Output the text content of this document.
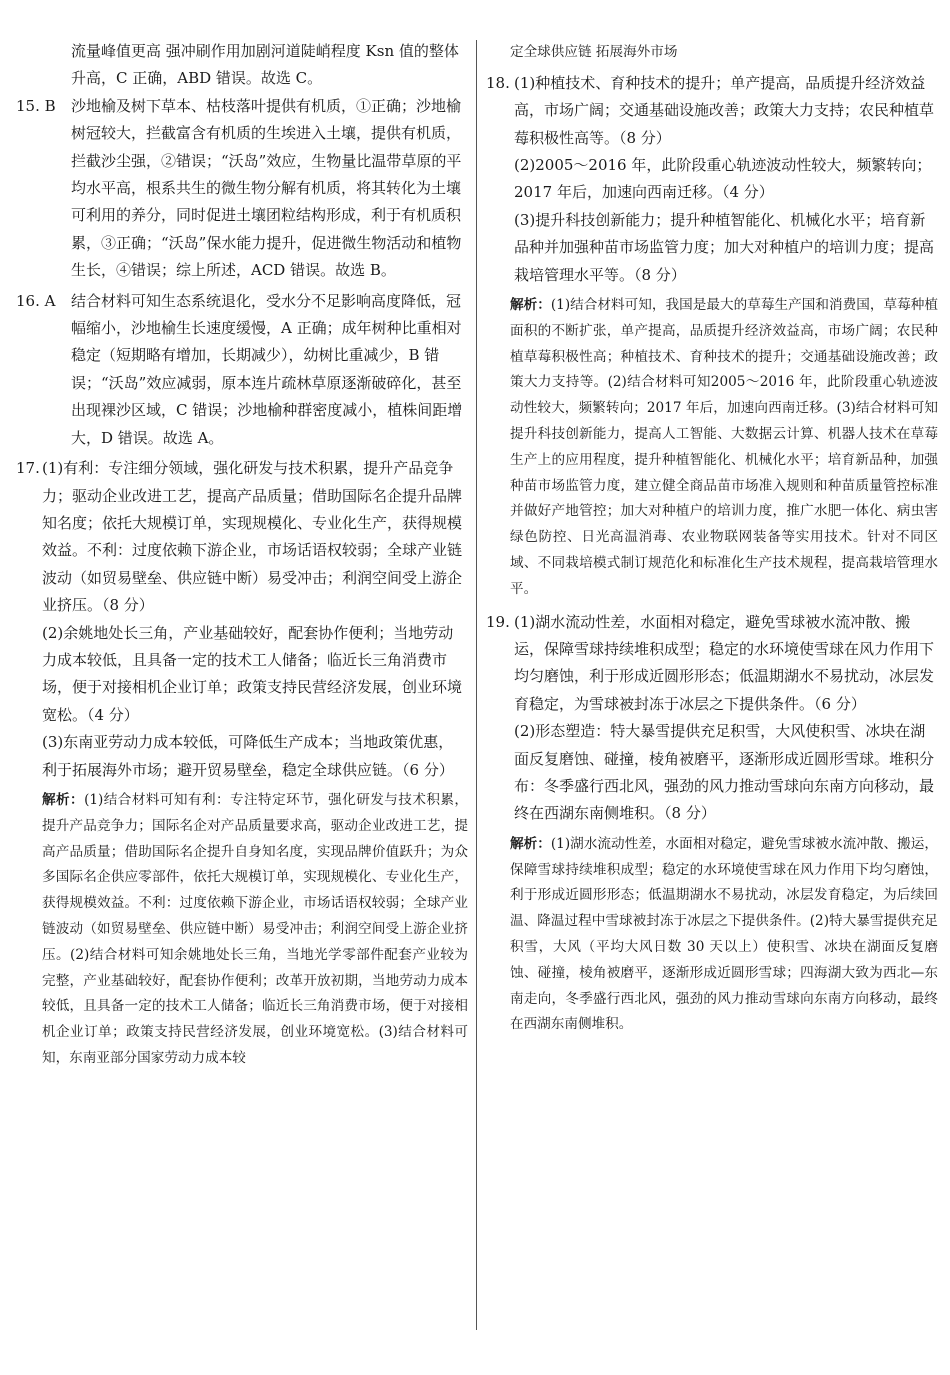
流量峰值更高 强冲刷作用加剧河道陡峭程度 Ksn 值的整体升高，C 正确，ABD 错误。故选 C。

15. B	沙地榆及树下草本、枯枝落叶提供有机质，①正确；沙地榆树冠较大，拦截富含有机质的生埃进入土壤，提供有机质，拦截沙尘强，②错误；“沃岛”效应，生物量比温带草原的平均水平高，根系共生的微生物分解有机质，将其转化为土壤可利用的养分，同时促进土壤团粒结构形成，利于有机质积累，③正确；“沃岛”保水能力提升，促进微生物活动和植物生长，④错误；综上所述，ACD 错误。故选 B。

16. A	结合材料可知生态系统退化，受水分不足影响高度降低，冠幅缩小，沙地榆生长速度缓慢，A 正确；成年树种比重相对稳定（短期略有增加，长期减少），幼树比重减少，B 错误；“沃岛”效应减弱，原本连片疏林草原逐渐破碎化，甚至出现裸沙区域，C 错误；沙地榆种群密度减小，植株间距增大，D 错误。故选 A。

17. (1)有利：专注细分领域，强化研发与技术积累，提升产品竞争力；驱动企业改进工艺，提高产品质量；借助国际名企提升品牌知名度；依托大规模订单，实现规模化、专业化生产，获得规模效益。不利：过度依赖下游企业，市场话语权较弱；全球产业链波动（如贸易壁垒、供应链中断）易受冲击；利润空间受上游企业挤压。（8 分）

(2)余姚地处长三角，产业基础较好，配套协作便利；当地劳动力成本较低，且具备一定的技术工人储备；临近长三角消费市场，便于对接相机企业订单；政策支持民营经济发展，创业环境宽松。（4 分）

(3)东南亚劳动力成本较低，可降低生产成本；当地政策优惠，利于拓展海外市场；避开贸易壁垒，稳定全球供应链。（6 分）

解析：(1)结合材料可知有利：专注特定环节，强化研发与技术积累，提升产品竞争力；国际名企对产品质量要求高，驱动企业改进工艺，提高产品质量；借助国际名企提升自身知名度，实现品牌价值跃升；为众多国际名企供应零部件，依托大规模订单，实现规模化、专业化生产，获得规模效益。不利：过度依赖下游企业，市场话语权较弱；全球产业链波动（如贸易壁垒、供应链中断）易受冲击；利润空间受上游企业挤压。(2)结合材料可知余姚地处长三角，当地光学零部件配套产业较为完整，产业基础较好，配套协作便利；改革开放初期，当地劳动力成本较低，且具备一定的技术工人储备；临近长三角消费市场，便于对接相机企业订单；政策支持民营经济发展，创业环境宽松。(3)结合材料可知，东南亚部分国家劳动力成本较

定全球供应链 拓展海外市场

18. (1)种植技术、育种技术的提升；单产提高，品质提升经济效益高，市场广阔；交通基础设施改善；政策大力支持；农民种植草莓积极性高等。（8 分）

(2)2005～2016 年，此阶段重心轨迹波动性较大，频繁转向；2017 年后，加速向西南迁移。（4 分）

(3)提升科技创新能力；提升种植智能化、机械化水平；培育新品种并加强种苗市场监管力度；加大对种植户的培训力度；提高栽培管理水平等。（8 分）

解析：(1)结合材料可知，我国是最大的草莓生产国和消费国，草莓种植面积的不断扩张，单产提高，品质提升经济效益高，市场广阔；农民种植草莓积极性高；种植技术、育种技术的提升；交通基础设施改善；政策大力支持等。(2)结合材料可知2005～2016 年，此阶段重心轨迹波动性较大，频繁转向；2017 年后，加速向西南迁移。(3)结合材料可知提升科技创新能力，提高人工智能、大数据云计算、机器人技术在草莓生产上的应用程度，提升种植智能化、机械化水平；培育新品种，加强种苗市场监管力度，建立健全商品苗市场准入规则和种苗质量管控标准并做好产地管控；加大对种植户的培训力度，推广水肥一体化、病虫害绿色防控、日光高温消毒、农业物联网装备等实用技术。针对不同区域、不同栽培模式制订规范化和标准化生产技术规程，提高栽培管理水平。
19. (1)湖水流动性差，水面相对稳定，避免雪球被水流冲散、搬运，保障雪球持续堆积成型；稳定的水环境使雪球在风力作用下均匀磨蚀，利于形成近圆形形态；低温期湖水不易扰动，冰层发育稳定，为雪球被封冻于冰层之下提供条件。（6 分）

(2)形态塑造：特大暴雪提供充足积雪，大风使积雪、冰块在湖面反复磨蚀、碰撞，棱角被磨平，逐渐形成近圆形雪球。堆积分布：冬季盛行西北风，强劲的风力推动雪球向东南方向移动，最终在西湖东南侧堆积。（8 分）

解析：(1)湖水流动性差，水面相对稳定，避免雪球被水流冲散、搬运，保障雪球持续堆积成型；稳定的水环境使雪球在风力作用下均匀磨蚀，利于形成近圆形形态；低温期湖水不易扰动，冰层发育稳定，为后续回温、降温过程中雪球被封冻于冰层之下提供条件。(2)特大暴雪提供充足积雪，大风（平均大风日数 30 天以上）使积雪、冰块在湖面反复磨蚀、碰撞，棱角被磨平，逐渐形成近圆形雪球；四海湖大致为西北—东南走向，冬季盛行西北风，强劲的风力推动雪球向东南方向移动，最终在西湖东南侧堆积。
